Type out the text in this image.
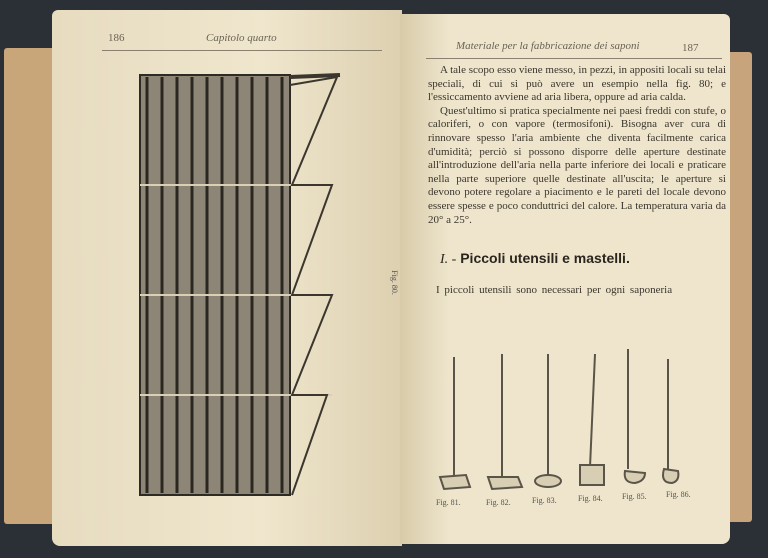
186	Capitolo quarto
Fig. 80.
Materiale per la fabbricazione dei saponi	187

A tale scopo esso viene messo, in pezzi, in appositi locali su telai speciali, di cui si può avere un esempio nella fig. 80; e l'essiccamento avviene ad aria libera, oppure ad aria calda.

Quest'ultimo si pratica specialmente nei paesi freddi con stufe, o caloriferi, o con vapore (termosifoni). Bisogna aver cura di rinnovare spesso l'aria ambiente che diventa facilmente carica d'umidità; perciò si possono disporre delle aperture destinate all'introduzione dell'aria nella parte inferiore dei locali e praticare nella parte superiore quelle destinate all'uscita; le aperture si devono potere regolare a piacimento e le pareti del locale devono essere spesse e poco conduttrici del calore. La temperatura varia da 20° a 25°.

I. - Piccoli utensili e mastelli.
I piccoli utensili sono necessari per ogni saponeria
Fig. 81.	Fig. 82.	Fig. 83.	Fig. 84. Fig. 85. Fig. 86.
